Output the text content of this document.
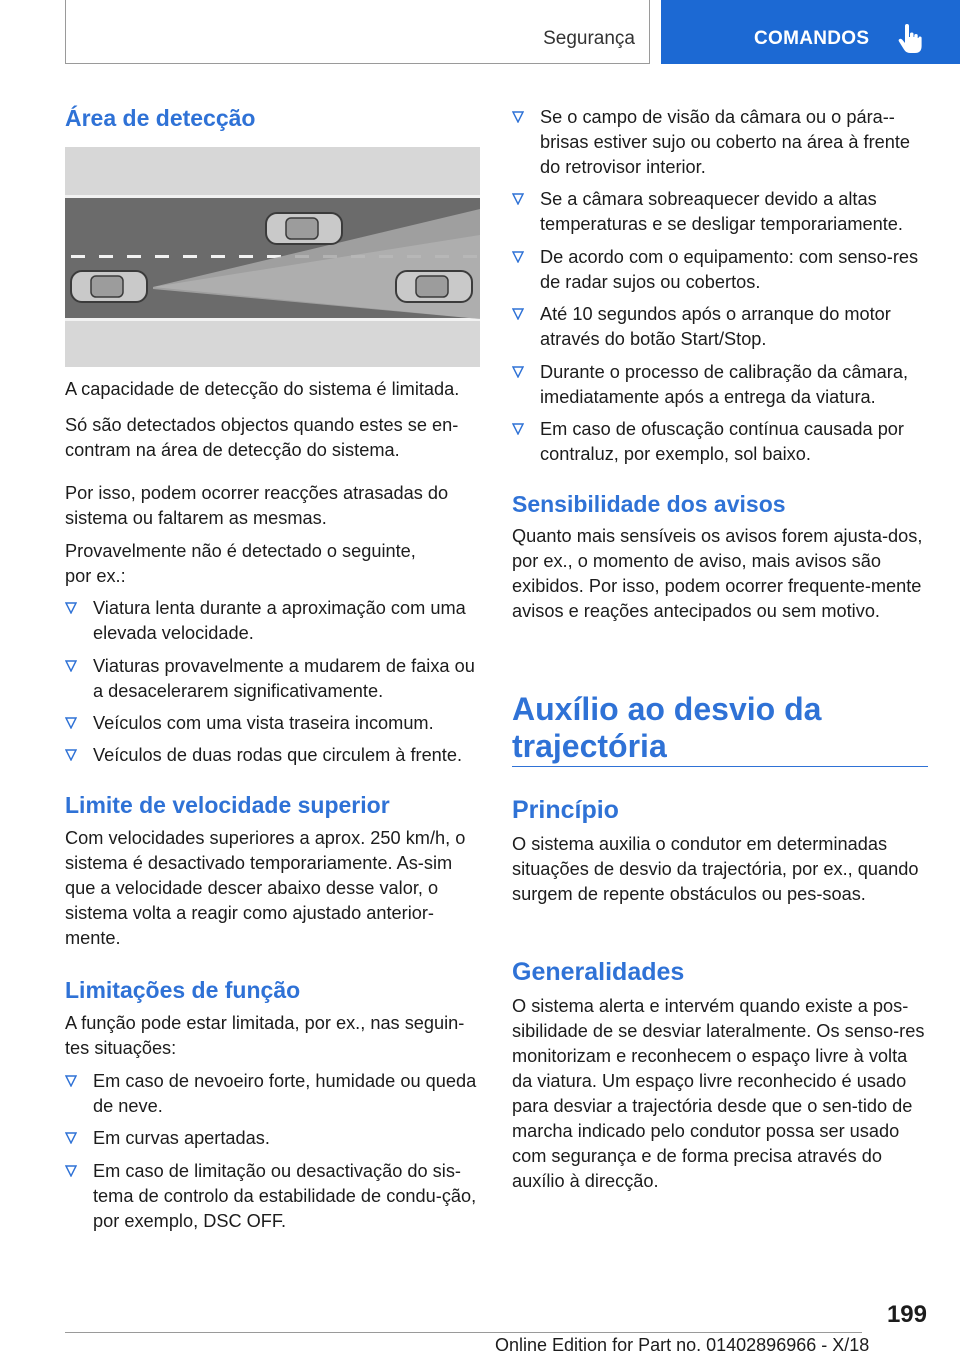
Segurança	COMANDOS
Área de detecção

A capacidade de detecção do sistema é limitada.

Só são detectados objectos quando estes se en-contram na área de detecção do sistema.

Por isso, podem ocorrer reacções atrasadas do sistema ou faltarem as mesmas.

Provavelmente não é detectado o seguinte, por ex.:

Viatura lenta durante a aproximação com uma elevada velocidade.
Viaturas provavelmente a mudarem de faixa ou a desacelerarem significativamente.
Veículos com uma vista traseira incomum.
Veículos de duas rodas que circulem à frente.
Limite de velocidade superior

Com velocidades superiores a aprox. 250 km/h, o sistema é desactivado temporariamente. As-sim que a velocidade descer abaixo desse valor, o sistema volta a reagir como ajustado anterior-mente.

Limitações de função

A função pode estar limitada, por ex., nas seguin-tes situações:

Em caso de nevoeiro forte, humidade ou queda de neve.
Em curvas apertadas.
Em caso de limitação ou desactivação do sis-tema de controlo da estabilidade de condu-ção, por exemplo, DSC OFF.
Se o campo de visão da câmara ou o pára--brisas estiver sujo ou coberto na área à frente do retrovisor interior.
Se a câmara sobreaquecer devido a altas temperaturas e se desligar temporariamente.
De acordo com o equipamento: com senso-res de radar sujos ou cobertos.
Até 10 segundos após o arranque do motor através do botão Start/Stop.
Durante o processo de calibração da câmara, imediatamente após a entrega da viatura.
Em caso de ofuscação contínua causada por contraluz, por exemplo, sol baixo.
Sensibilidade dos avisos

Quanto mais sensíveis os avisos forem ajusta-dos, por ex., o momento de aviso, mais avisos são exibidos. Por isso, podem ocorrer frequente-mente avisos e reações antecipados ou sem motivo.

Auxílio ao desvio da
trajectória
Princípio

O sistema auxilia o condutor em determinadas situações de desvio da trajectória, por ex., quando surgem de repente obstáculos ou pes-soas.

Generalidades

O sistema alerta e intervém quando existe a pos-sibilidade de se desviar lateralmente. Os senso-res monitorizam e reconhecem o espaço livre à volta da viatura. Um espaço livre reconhecido é usado para desviar a trajectória desde que o sen-tido de marcha indicado pelo condutor possa ser usado com segurança e de forma precisa através do auxílio à direcção.

199
Online Edition for Part no. 01402896966 - X/18
